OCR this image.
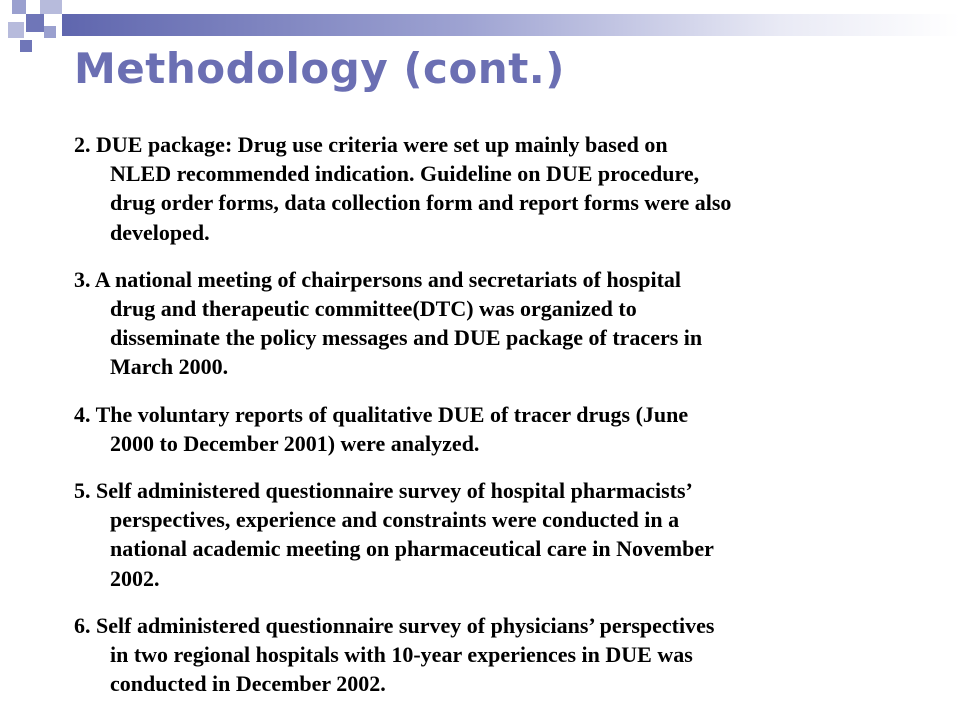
Methodology (cont.)
2. DUE package: Drug use criteria were set up mainly based on
NLED recommended indication. Guideline on DUE procedure,
drug order forms, data collection form and report forms were also
developed.
3. A national meeting of chairpersons and secretariats of hospital
drug and therapeutic committee(DTC) was organized to
disseminate the policy messages and DUE package of tracers in
March 2000.
4. The voluntary reports of qualitative DUE of tracer drugs (June
2000 to December 2001) were analyzed.
5. Self administered questionnaire survey of hospital pharmacists’
perspectives, experience and constraints were conducted in a
national academic meeting on pharmaceutical care in November
2002.
6. Self administered questionnaire survey of physicians’ perspectives
in two regional hospitals with 10-year experiences in DUE was
conducted in December 2002.
